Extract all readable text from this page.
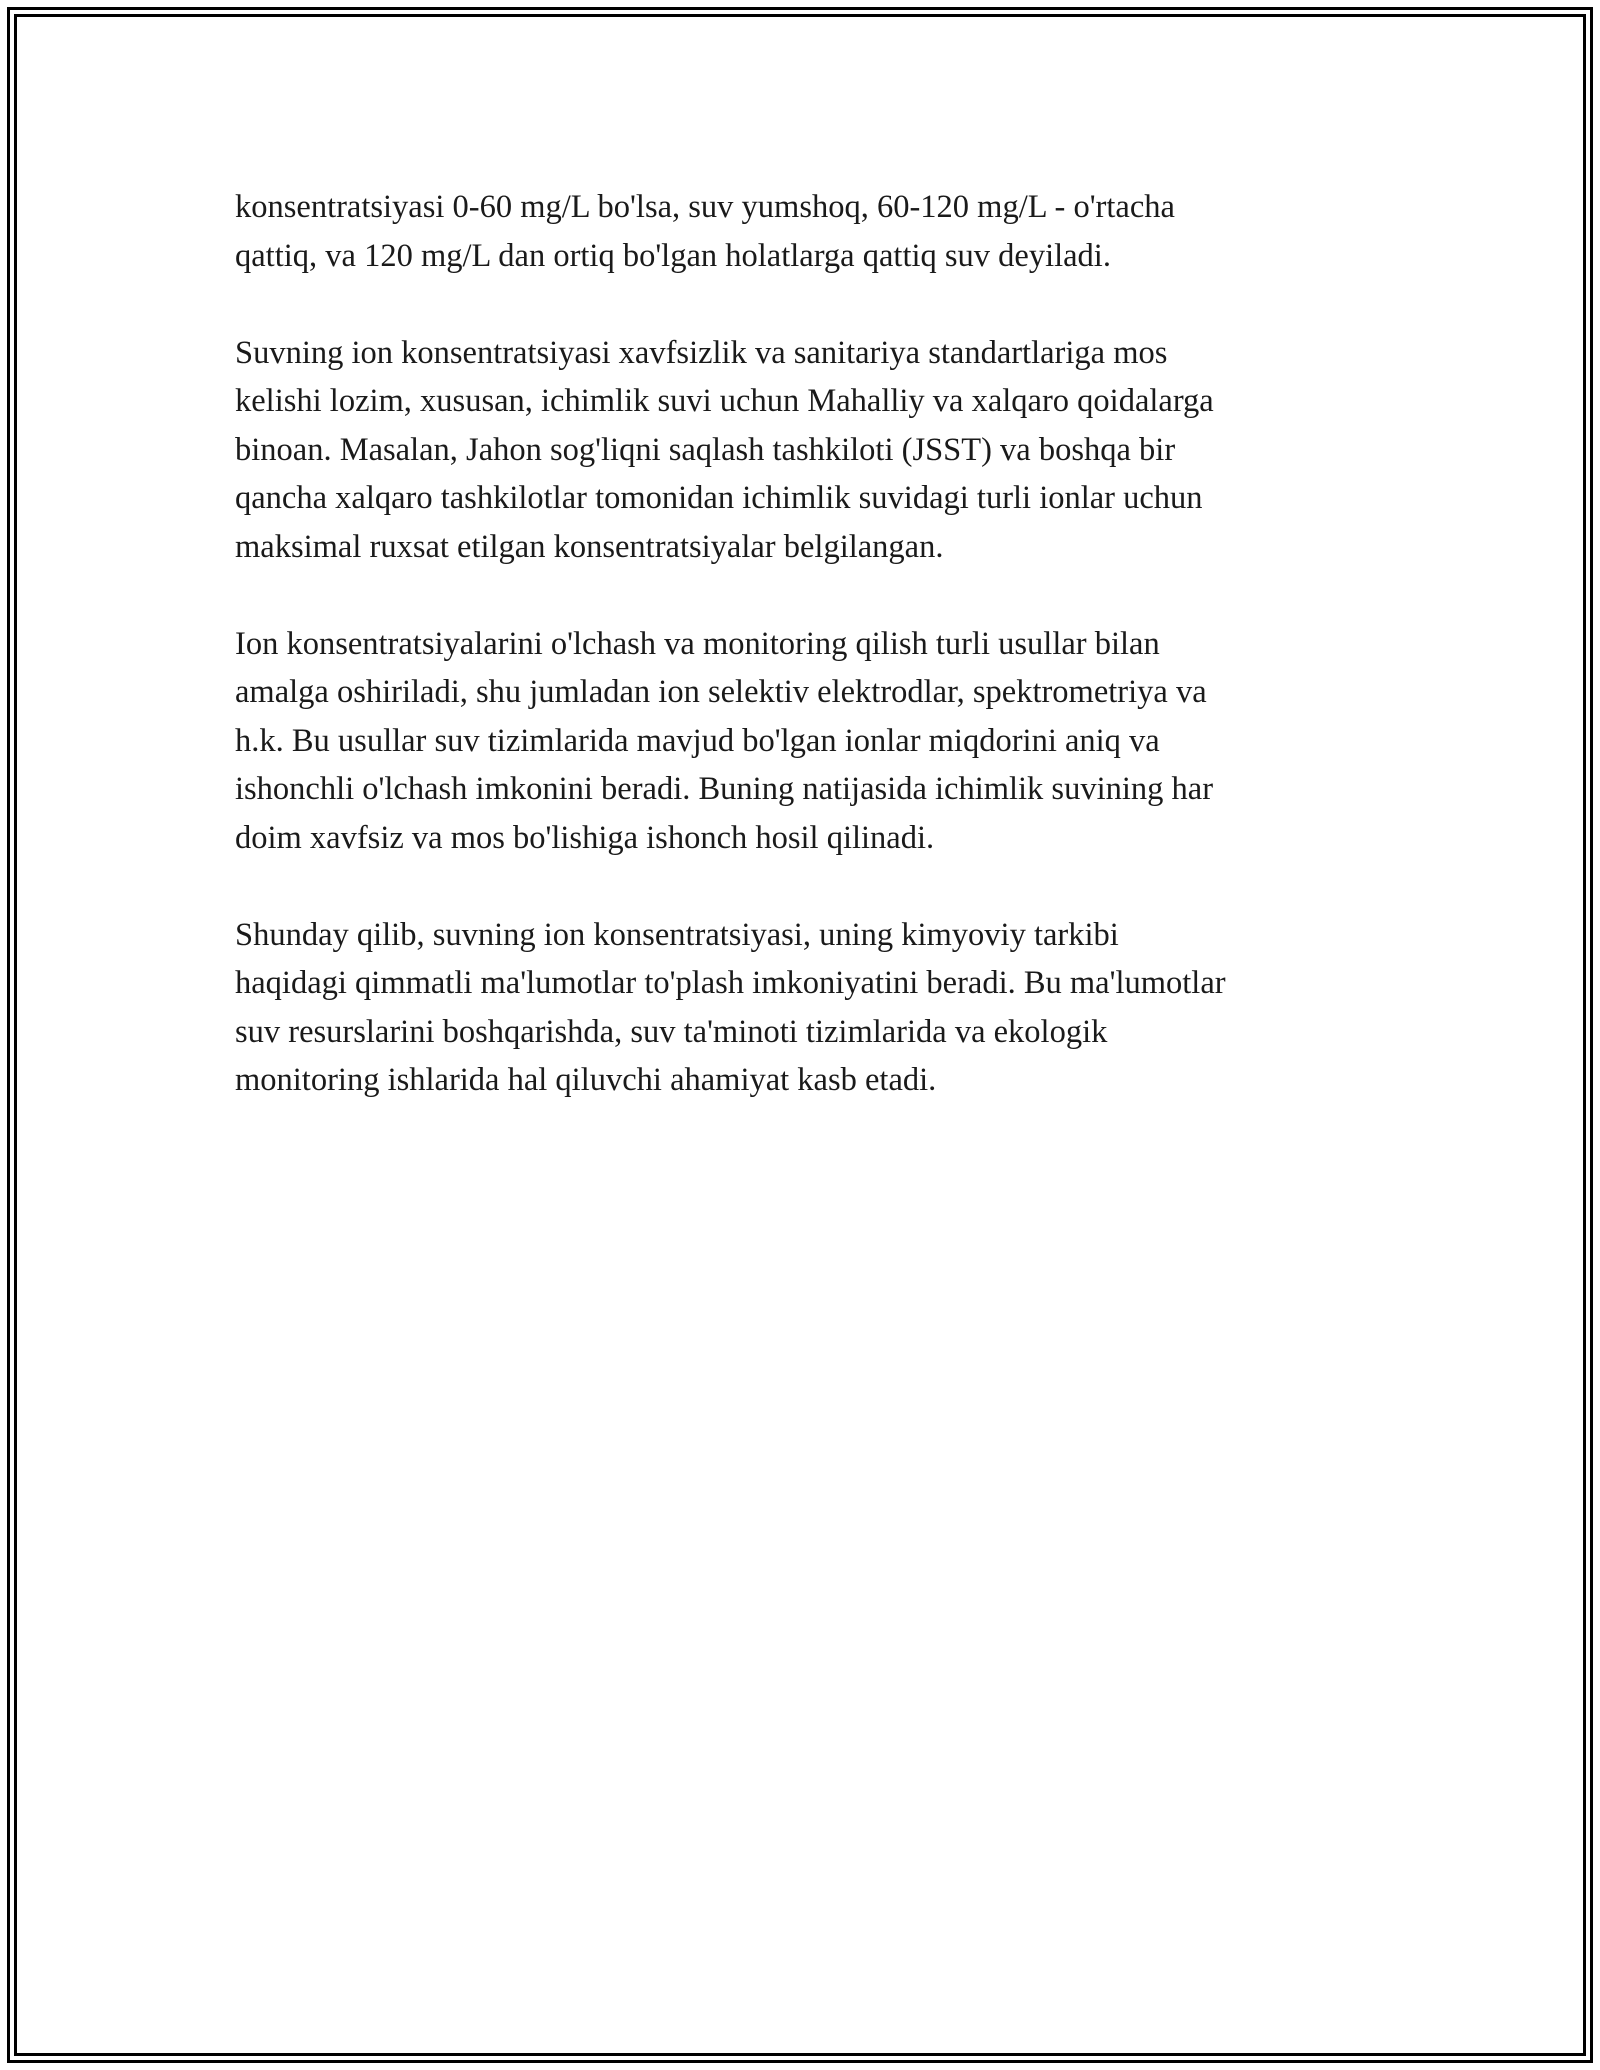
konsentratsiyasi 0-60 mg/L bo'lsa, suv yumshoq, 60-120 mg/L - o'rtacha
qattiq, va 120 mg/L dan ortiq bo'lgan holatlarga qattiq suv deyiladi.

Suvning ion konsentratsiyasi xavfsizlik va sanitariya standartlariga mos
kelishi lozim, xususan, ichimlik suvi uchun Mahalliy va xalqaro qoidalarga
binoan. Masalan, Jahon sog'liqni saqlash tashkiloti (JSST) va boshqa bir
qancha xalqaro tashkilotlar tomonidan ichimlik suvidagi turli ionlar uchun
maksimal ruxsat etilgan konsentratsiyalar belgilangan.

Ion konsentratsiyalarini o'lchash va monitoring qilish turli usullar bilan
amalga oshiriladi, shu jumladan ion selektiv elektrodlar, spektrometriya va
h.k. Bu usullar suv tizimlarida mavjud bo'lgan ionlar miqdorini aniq va
ishonchli o'lchash imkonini beradi. Buning natijasida ichimlik suvining har
doim xavfsiz va mos bo'lishiga ishonch hosil qilinadi.

Shunday qilib, suvning ion konsentratsiyasi, uning kimyoviy tarkibi
haqidagi qimmatli ma'lumotlar to'plash imkoniyatini beradi. Bu ma'lumotlar
suv resurslarini boshqarishda, suv ta'minoti tizimlarida va ekologik
monitoring ishlarida hal qiluvchi ahamiyat kasb etadi.
